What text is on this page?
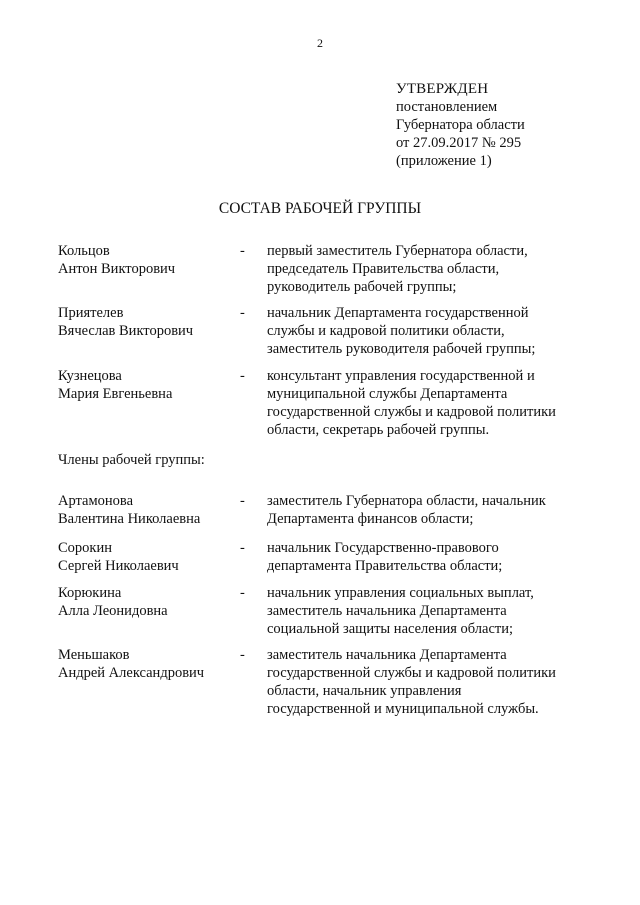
2
УТВЕРЖДЕН
постановлением
Губернатора области
от 27.09.2017 № 295
(приложение 1)
СОСТАВ РАБОЧЕЙ ГРУППЫ
Кольцов
Антон Викторович
- первый заместитель Губернатора области,
председатель Правительства области,
руководитель рабочей группы;
Приятелев
Вячеслав Викторович
- начальник Департамента государственной
службы и кадровой политики области,
заместитель руководителя рабочей группы;
Кузнецова
Мария Евгеньевна
- консультант управления государственной и
муниципальной службы Департамента
государственной службы и кадровой политики
области, секретарь рабочей группы.
Члены рабочей группы:
Артамонова
Валентина Николаевна
- заместитель Губернатора области, начальник
Департамента финансов области;
Сорокин
Сергей Николаевич
- начальник Государственно-правового
департамента Правительства области;
Корюкина
Алла Леонидовна
- начальник управления социальных выплат,
заместитель начальника Департамента
социальной защиты населения области;
Меньшаков
Андрей Александрович
- заместитель начальника Департамента
государственной службы и кадровой политики
области, начальник управления
государственной и муниципальной службы.
